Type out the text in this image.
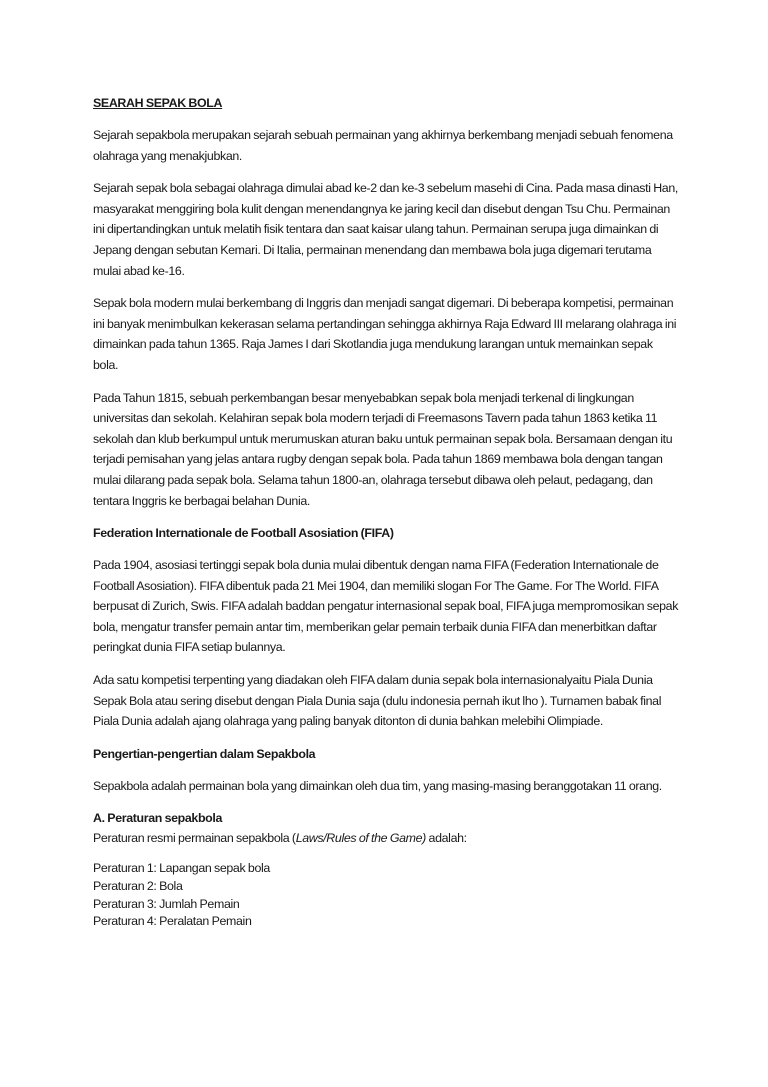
SEARAH SEPAK BOLA

Sejarah sepakbola merupakan sejarah sebuah permainan yang akhirnya berkembang menjadi sebuah fenomena olahraga yang menakjubkan.

Sejarah sepak bola sebagai olahraga dimulai abad ke-2 dan ke-3 sebelum masehi di Cina. Pada masa dinasti Han, masyarakat menggiring bola kulit dengan menendangnya ke jaring kecil dan disebut dengan Tsu Chu. Permainan ini dipertandingkan untuk melatih fisik tentara dan saat kaisar ulang tahun. Permainan serupa juga dimainkan di Jepang dengan sebutan Kemari. Di Italia, permainan menendang dan membawa bola juga digemari terutama mulai abad ke-16.

Sepak bola modern mulai berkembang di Inggris dan menjadi sangat digemari. Di beberapa kompetisi, permainan ini banyak menimbulkan kekerasan selama pertandingan sehingga akhirnya Raja Edward III melarang olahraga ini dimainkan pada tahun 1365. Raja James I dari Skotlandia juga mendukung larangan untuk memainkan sepak bola.

Pada Tahun 1815, sebuah perkembangan besar menyebabkan sepak bola menjadi terkenal di lingkungan universitas dan sekolah. Kelahiran sepak bola modern terjadi di Freemasons Tavern pada tahun 1863 ketika 11 sekolah dan klub berkumpul untuk merumuskan aturan baku untuk permainan sepak bola. Bersamaan dengan itu terjadi pemisahan yang jelas antara rugby dengan sepak bola. Pada tahun 1869 membawa bola dengan tangan mulai dilarang pada sepak bola. Selama tahun 1800-an, olahraga tersebut dibawa oleh pelaut, pedagang, dan tentara Inggris ke berbagai belahan Dunia.

Federation Internationale de Football Asosiation (FIFA)

Pada 1904, asosiasi tertinggi sepak bola dunia mulai dibentuk dengan nama FIFA (Federation Internationale de Football Asosiation). FIFA dibentuk pada 21 Mei 1904, dan memiliki slogan For The Game. For The World. FIFA berpusat di Zurich, Swis. FIFA adalah baddan pengatur internasional sepak boal, FIFA juga mempromosikan sepak bola, mengatur transfer pemain antar tim, memberikan gelar pemain terbaik dunia FIFA dan menerbitkan daftar peringkat dunia FIFA setiap bulannya.

Ada satu kompetisi terpenting yang diadakan oleh FIFA dalam dunia sepak bola internasionalyaitu Piala Dunia Sepak Bola atau sering disebut dengan Piala Dunia saja (dulu indonesia pernah ikut lho ). Turnamen babak final Piala Dunia adalah ajang olahraga yang paling banyak ditonton di dunia bahkan melebihi Olimpiade.

Pengertian-pengertian dalam Sepakbola

Sepakbola adalah permainan bola yang dimainkan oleh dua tim, yang masing-masing beranggotakan 11 orang.

A. Peraturan sepakbola
Peraturan resmi permainan sepakbola (Laws/Rules of the Game) adalah:
Peraturan 1: Lapangan sepak bola
Peraturan 2: Bola
Peraturan 3: Jumlah Pemain
Peraturan 4: Peralatan Pemain
